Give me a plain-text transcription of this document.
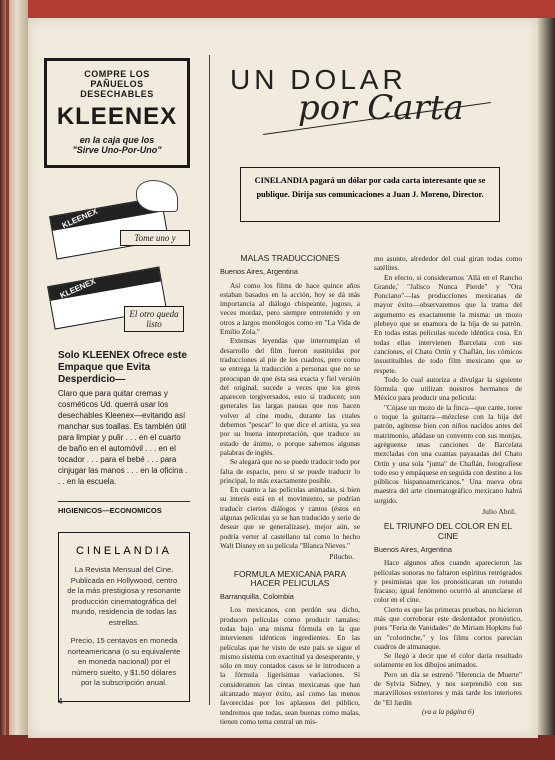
COMPRE LOS
PAÑUELOS DESECHABLES
KLEENEX
en la caja que los
"Sirve Uno-Por-Uno"
KLEENEX
Tome uno y
KLEENEX
El otro queda listo
Solo KLEENEX Ofrece este Empaque que Evita Desperdicio—
Claro que para quitar cremas y cosméticos Ud. querrá usar los desechables Kleenex—evitando así manchar sus toallas. Es también útil para limpiar y pulir . . . en el cuarto de baño en el automóvil . . . en el tocador . . . para el bebé . . . para cinjugar las manos . . . en la oficina . . . en la escuela.
HIGIENICOS—ECONOMICOS
CINELANDIA
La Revista Mensual del Cine. Publicada en Hollywood, centro de la más prestigiosa y resonante producción cinematográfica del mundo, residencia de todas las estrellas.
Precio, 15 centavos en moneda norteamericana (o su equivalente en moneda nacional) por el número suelto, y $1.50 dólares por la subscripción anual.
4
UN DOLAR
por Carta
CINELANDIA pagará un dólar por cada carta interesante que se publique. Dirija sus comunicaciones a Juan J. Moreno, Director.
MALAS TRADUCCIONES
Buenos Aires, Argentina

Así como los films de hace quince años estaban basados en la acción, hoy se dá más importancia al diálogo chispeante, jugoso, a veces mordaz, pero siempre entretenido y en otros a largos monólogos como en "La Vida de Emilio Zola."

Extensas leyendas que interrumpían el desarrollo del film fueron sustituídas por traducciones al pie de los cuadros, pero como se entrega la traducción a personas que no se preocupan de que ésta sea exacta y fiel versión del original, sucede a veces que los giros aparecen tergiversados, esto si traducen; son generales las largas pausas que nos hacen volver al cine mudo, durante las cuales debemos "pescar" lo que dice el artista, ya sea por su buena interpretación, que traduce su estado de ánimo, o porque sabemos algunas palabras de inglés.

Se alegará que no se puede traducir todo por falta de espacio, pero sí se puede traducir lo principal, lo más exactamente posible.

En cuanto a las películas animadas, si bien su interés está en el movimiento, se podrían traducir ciertos diálogos y cantos (éstos en algunas películas ya se han traducido y serie de desear que se generalizase), mejor aún, se podría verter al castellano tal como lo hecho Walt Disney en su película "Blanca Nieves."

Pilucho.
FORMULA MEXICANA PARA HACER PELICULAS
Barranquilla, Colombia

Los mexicanos, con perdón sea dicho, producen películas como producir tamales: todas bajo una misma fórmula en la que intervienen idénticos ingredientes. En las películas que he visto de este país se sigue el mismo sistema con exactitud ya desesperante, y sólo en muy contados casos se le introducen a la fórmula ligerísimas variaciones. Si consideramos las cintas mexicanas que han alcanzado mayor éxito, así como las menos favorecidas por los aplausos del público, tendremos que todas, sean buenas como malas, tienen como tema central un mis-

mo asunto, alrededor del cual giran todas como satélites.

En efecto, si consideramos 'Allá en el Rancho Grande,' "Jalisco Nunca Pierde" y "Ora Ponciano"—las producciones mexicanas de mayor éxito—observaremos que la trama del argumento es exactamente la misma: un mozo plebeyo que se enamora de la hija de su patrón. En todas estas películas sucede idéntica cosa. En todas ellas intervienen Barcelata con sus canciones, el Chato Ortín y Chaflán, los cómicos insustituíbles de todo film mexicano que se respete.

Todo lo cual autoriza a divulgar la siguiente fórmula que utilizan nuestros hermanos de México para producir una película:

"Cójase un mozo de la finca—que cante, toree o toque la guitarra—mézclese con la hija del patrón, agítense bien con niños nacidos antes del matrimonio, añádase un convento con sus monjas, agréguense unas canciones de Barcelata mezcladas con una cuantas payasadas del Chato Ortín y una sola "juma" de Chaflán, fotografíese todo eso y empáquese en seguida con destino a los públicos hispanoamericanos." Una nueva obra maestra del arte cinematográfico mexicano habrá surgido.

Julio Abril.
EL TRIUNFO DEL COLOR EN EL CINE
Buenos Aires, Argentina

Hace algunos años cuando aparecieron las películas sonoras no faltaron espíritus retrógrados y pesimistas que los pronosticaran un rotundo fracaso; igual fenómeno ocurrió al anunciarse el color en el cine.

Cierto es que las primeras pruebas, no hicieron más que corroborar este deslentador pronóstico, pues "Feria de Vanidades" de Miriam Hopkins fué un "colorinche," y los films cortos parecían cuadros de almanaque.

Se llegó a decir que el color daría resultado solamente en los dibujos animados.

Pero un día se estrenó "Herencia de Muerte" de Sylvia Sidney, y nos sorprendió con sus maravillosos exteriores y más tarde los interiores de "El Jardín

(va a la página 6)
